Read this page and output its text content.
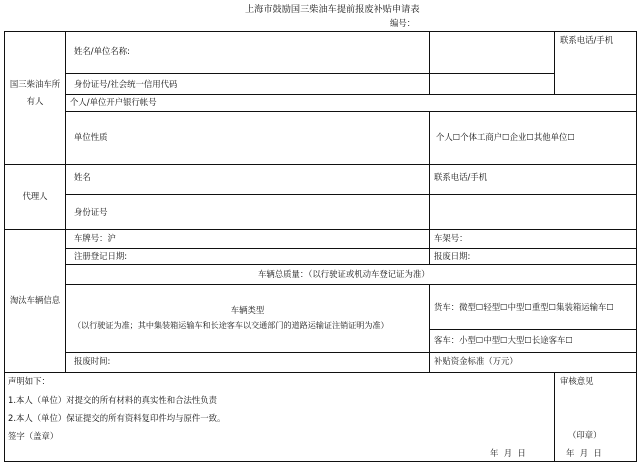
上海市鼓励国三柴油车提前报废补贴申请表
编号：
国三柴油车所
有人
姓名/单位名称:
联系电话/手机
身份证号/社会统一信用代码
个人/单位开户银行帐号
单位性质	个人☐个体工商户☐企业☐其他单位☐
代理人
姓名	联系电话/手机
身份证号
淘汰车辆信息
车牌号：沪	车架号：
注册登记日期:	报废日期:
车辆总质量：（以行驶证或机动车登记证为准）
车辆类型
（以行驶证为准；其中集装箱运输车和长途客车以交通部门的道路运输证注销证明为准）
货车：微型☐轻型☐中型☐重型☐集装箱运输车☐
客车：小型☐中型☐大型☐长途客车☐
报废时间:	补贴资金标准（万元）
声明如下：
1.本人（单位）对提交的所有材料的真实性和合法性负责
2.本人（单位）保证提交的所有资料复印件均与原件一致。
签字（盖章）
年  月  日
审核意见
（印章）
年  月  日
